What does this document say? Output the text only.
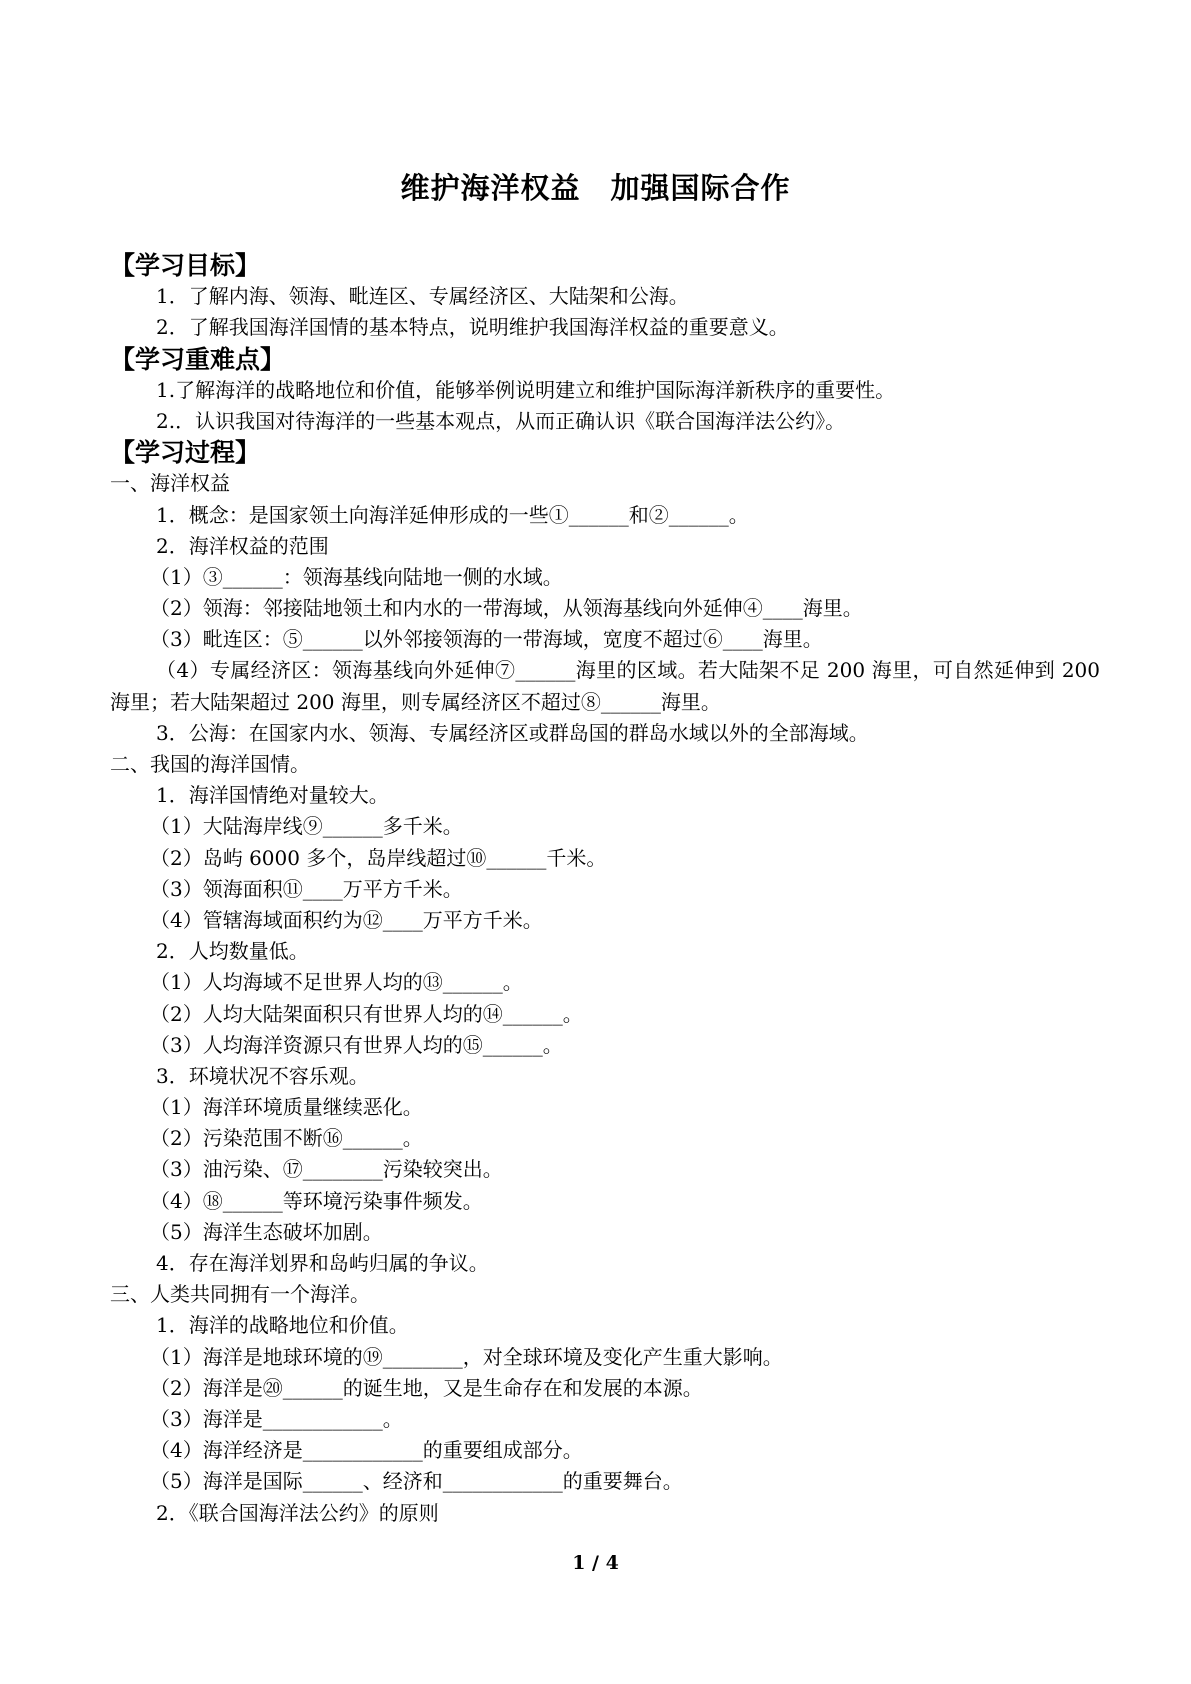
维护海洋权益　加强国际合作
【学习目标】
1．了解内海、领海、毗连区、专属经济区、大陆架和公海。
2．了解我国海洋国情的基本特点，说明维护我国海洋权益的重要意义。
【学习重难点】
1.了解海洋的战略地位和价值，能够举例说明建立和维护国际海洋新秩序的重要性。
2.．认识我国对待海洋的一些基本观点，从而正确认识《联合国海洋法公约》。
【学习过程】
一、海洋权益
1．概念：是国家领土向海洋延伸形成的一些①______和②______。
2．海洋权益的范围
（1）③______：领海基线向陆地一侧的水域。
（2）领海：邻接陆地领土和内水的一带海域，从领海基线向外延伸④____海里。
（3）毗连区：⑤______以外邻接领海的一带海域，宽度不超过⑥____海里。
（4）专属经济区：领海基线向外延伸⑦______海里的区域。若大陆架不足 200 海里，可自然延伸到 200 海里；若大陆架超过 200 海里，则专属经济区不超过⑧______海里。
3．公海：在国家内水、领海、专属经济区或群岛国的群岛水域以外的全部海域。
二、我国的海洋国情。
1．海洋国情绝对量较大。
（1）大陆海岸线⑨______多千米。
（2）岛屿 6000 多个，岛岸线超过⑩______千米。
（3）领海面积⑪____万平方千米。
（4）管辖海域面积约为⑫____万平方千米。
2．人均数量低。
（1）人均海域不足世界人均的⑬______。
（2）人均大陆架面积只有世界人均的⑭______。
（3）人均海洋资源只有世界人均的⑮______。
3．环境状况不容乐观。
（1）海洋环境质量继续恶化。
（2）污染范围不断⑯______。
（3）油污染、⑰________污染较突出。
（4）⑱______等环境污染事件频发。
（5）海洋生态破坏加剧。
4．存在海洋划界和岛屿归属的争议。
三、人类共同拥有一个海洋。
1．海洋的战略地位和价值。
（1）海洋是地球环境的⑲________，对全球环境及变化产生重大影响。
（2）海洋是⑳______的诞生地，又是生命存在和发展的本源。
（3）海洋是____________。
（4）海洋经济是____________的重要组成部分。
（5）海洋是国际______、经济和____________的重要舞台。
2．《联合国海洋法公约》的原则
1 / 4
